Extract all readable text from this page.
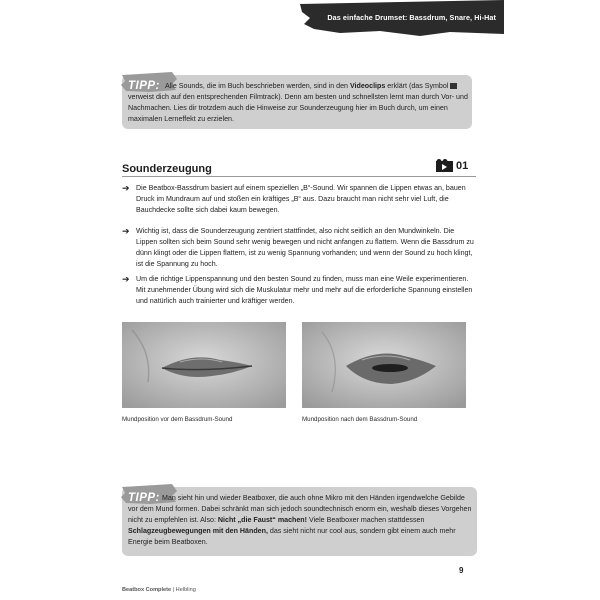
Das einfache Drumset: Bassdrum, Snare, Hi-Hat
TIPP: Alle Sounds, die im Buch beschrieben werden, sind in den Videoclips erklärt (das Symbol  verweist dich auf den entsprechenden Filmtrack). Denn am besten und schnellsten lernt man durch Vor- und Nachmachen. Lies dir trotzdem auch die Hinweise zur Sounderzeugung hier im Buch durch, um einen maximalen Lerneffekt zu erzielen.

Sounderzeugung	01
➔ Die Beatbox-Bassdrum basiert auf einem speziellen „B“-Sound. Wir spannen die Lippen etwas an, bauen Druck im Mundraum auf und stoßen ein kräftiges „B“ aus. Dazu braucht man nicht sehr viel Luft, die Bauchdecke sollte sich dabei kaum bewegen.

➔ Wichtig ist, dass die Sounderzeugung zentriert stattfindet, also nicht seitlich an den Mundwinkeln. Die Lippen sollten sich beim Sound sehr wenig bewegen und nicht anfangen zu flattern. Wenn die Bassdrum zu dünn klingt oder die Lippen flattern, ist zu wenig Spannung vorhanden; und wenn der Sound zu hoch klingt, ist die Spannung zu hoch.

➔ Um die richtige Lippenspannung und den besten Sound zu finden, muss man eine Weile experimentieren. Mit zunehmender Übung wird sich die Muskulatur mehr und mehr auf die erforderliche Spannung einstellen und natürlich auch trainierter und kräftiger werden.

Mundposition vor dem Bassdrum-Sound	Mundposition nach dem Bassdrum-Sound
TIPP: Man sieht hin und wieder Beatboxer, die auch ohne Mikro mit den Händen irgendwelche Gebilde vor dem Mund formen. Dabei schränkt man sich jedoch soundtechnisch enorm ein, weshalb dieses Vorgehen nicht zu empfehlen ist. Also: Nicht „die Faust“ machen! Viele Beatboxer machen stattdessen Schlagzeugbewegungen mit den Händen, das sieht nicht nur cool aus, sondern gibt einem auch mehr Energie beim Beatboxen.

9
Beatbox Complete | Helbling
